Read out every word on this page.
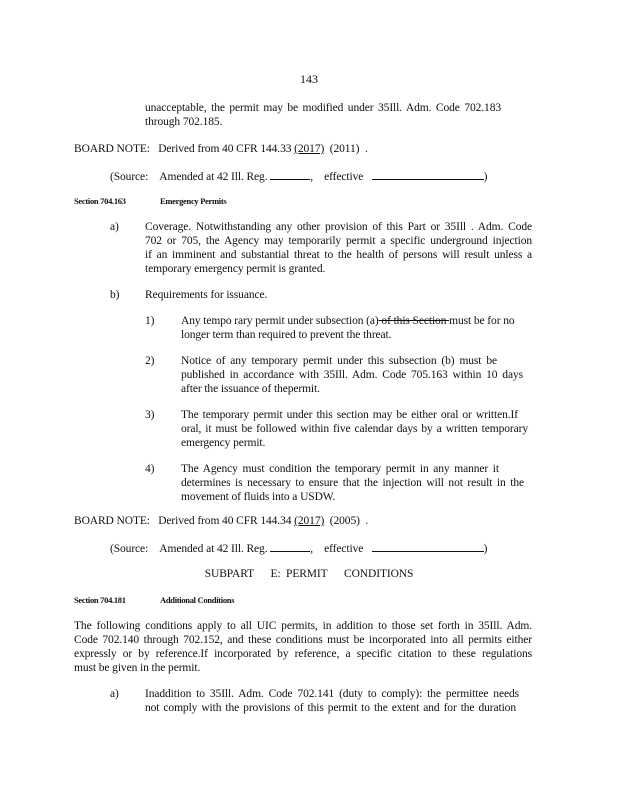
143
unacceptable, the permit may be modified under 35Ill. Adm. Code 702.183
through 702.185.
BOARD NOTE: Derived from 40 CFR 144.33 (2017) (2011) .
(Source: Amended at 42 Ill. Reg.	, effective	)
Section 704.163	Emergency Permits
a) Coverage. Notwithstanding any other provision of this Part or 35Ill . Adm. Code
702 or 705, the Agency may temporarily permit a specific underground injection
if an imminent and substantial threat to the health of persons will result unless a
temporary emergency permit is granted.
b) Requirements for issuance.
1) Any tempo rary permit under subsection (a) of this Section must be for no
longer term than required to prevent the threat.
2) Notice of any temporary permit under this subsection (b) must be
published in accordance with 35Ill. Adm. Code 705.163 within 10 days
after the issuance of thepermit.
3) The temporary permit under this section may be either oral or written.If
oral, it must be followed within five calendar days by a written temporary
emergency permit.
4) The Agency must condition the temporary permit in any manner it
determines is necessary to ensure that the injection will not result in the
movement of fluids into a USDW.
BOARD NOTE: Derived from 40 CFR 144.34 (2017) (2005) .
(Source: Amended at 42 Ill. Reg.	, effective	)
SUBPART      E:  PERMIT      CONDITIONS
Section 704.181	Additional Conditions
The following conditions apply to all UIC permits, in addition to those set forth in 35Ill. Adm.
Code 702.140 through 702.152, and these conditions must be incorporated into all permits either
expressly or by reference.If incorporated by reference, a specific citation to these regulations
must be given in the permit.
a) Inaddition to 35Ill. Adm. Code 702.141 (duty to comply): the permittee needs
not comply with the provisions of this permit to the extent and for the duration
